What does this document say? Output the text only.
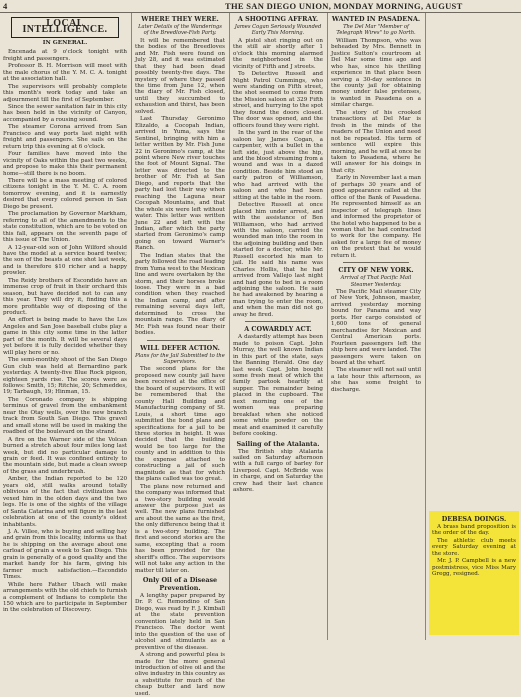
4	THE SAN DIEGO UNION, MONDAY MORNING, AUGUST
LOCAL INTELLIGENCE.
IN GENERAL.

Encenada at 9 o'clock tonight with freight and passengers.

Professor B. H. Morrison will meet with the male chorus of the Y. M. C. A. tonight at the association hall.

The supervisors will probably complete this month's work today and take an adjournment till the first of September.

Since the sewer sanitation fair in this city has been held in the vicinity of Canyon, accompanied by a rousing sound.

The steamer Corona arrived from San Francisco and way ports last night with freight and passengers. She sails on the return trip this evening at 6 o'clock.

Four families have moved into the vicinity of Oaks within the past two weeks, and propose to make this their permanent home—still there is no boom.

There will be a mass meeting of colored citizens tonight in the Y. M. C. A. room tomorrow evening, and it is earnestly desired that every colored person in San Diego be present.

The proclamation by Governor Markham, referring to all of the amendments to the state constitution, which are to be voted on this fall, appears on the seventh page of this issue of The Union.

A 12-year-old son of John Wilford should have the model at a service board twelve; the son of the beasts at one shot last week, and is therefore $10 richer and a happy prowler.

The Reidy brothers of Escondido have an immense crop of fruit in their orchard this season, but have decided not to can any this year. They will dry it, finding this a more profitable way of disposing of the product.

An effort is being made to have the Los Angeles and San Jose baseball clubs play a game in this city some time in the latter part of the month. It will be several days yet before it is fully decided whether they will play here or no.

The semi-monthly shoot of the San Diego Gun club was held at Bernardino park yesterday. A twenty-five Blue Rock pigeon, eighteen yards rise. The scores were as follows: Smith, 15; Ritchie, 20; Schmeddes, 19; Tarbaugh, 19; Hinman, 15.

The Coronado company is shipping terminus of gravel from the embankment near the Otay wells, over the new branch track from South San Diego. This gravel and small stone will be used in making the roadbed of the boulevard on the strand.

A fire on the Warner side of the Volcan burned a stretch about four miles long last week, but did no particular damage to grain or feed. It was confined entirely to the mountain side, but made a clean sweep of the grass and underbrush.

Amber, the Indian reported to be 120 years old, still walks around totally oblivious of the fact that civilization has vexed him in the olden days and the two legs. He is one of the sights of the village of Santa Catarina and will figure in the last celebration at one of the county's oldest inhabitants.

J. A. Villee, who is buying and selling hay and grain from this locality, informs us that he is shipping on the average about one carload of grain a week to San Diego. This grain is generally of a good quality and the market handy for his farm, giving his farmer much satisfaction.—Escondido Times.

While here Father Ubach will make arrangements with the old chiefs to furnish a complement of Indians to complete the 150 which are to participate in September in the celebration of Discovery.

WHERE THEY WERE.
Later Details of the Wanderings of the Breedlove-Fish Party.

It will be remembered that the bodies of the Breedloves and Mr. Fish were found on July 28, and it was estimated that they had been dead possibly twenty-five days. The mystery of where they passed the time from June 12, when the diary of Mr. Fish closed, until they succumbed to exhaustion and thirst, has been solved.

Last Thursday Geronimo Elizaldo, a Cocopah Indian, arrived in Yuma, says the Sentinel, bringing with him a letter written by Mr. Fish June 22 in Geronimo's camp, at the point where New river touches the foot of Mount Signal. The letter was directed to the brother of Mr. Fish at San Diego, and reports that the party had lost their way when reaching the Laguna near Cocopah Mountains, and that the whole six were left without water. This letter was written June 22 and left with the Indian, after which the party started from Geronimo's camp going on toward Warner's Ranch.

The Indian states that the party followed the road leading from Yuma west to the Mexican line and were overtaken by the storm, and their horses broke loose. They were in a bad condition when they reached the Indian camp, and after remaining several days left, determined to cross the mountain range. The diary of Mr. Fish was found near their bodies.

WILL DEFER ACTION.
Plans for the Jail Submitted to the Supervisors.

The second plans for the proposed new county jail have been received at the office of the board of supervisors. It will be remembered that the county Hall Building and Manufacturing company of St. Louis, a short time ago submitted the bond plans and specifications for a jail to be three stories in height. It was decided that the building would be too large for the county and in addition to this the expense attached to constructing a jail of such magnitude as that for which the plans called was too great.

The plans now returned and the company was informed that a two-story building would answer the purpose just as well. The new plans furnished are about the same as the first, the only difference being that it is a two-story building. The first and second stories are the same, excepting that a room has been provided for the sheriff's office. The supervisors will not take any action in the matter till later on.

Only Oil of a Disease Prevention.

A lengthy paper prepared by Dr. P. C. Remondino of San Diego, was read by F. J. Kimball at the state prevention convention lately held in San Francisco. The doctor went into the question of the use of alcohol and stimulants as a preventive of the disease.

A strong and powerful plea is made for the more general introduction of olive oil and the olive industry in this country as a substitute for much of the cheap butter and lard now used.

A SHOOTING AFFRAY.
James Cogan Seriously Wounded Early This Morning.

A pistol shot ringing out on the still air shortly after 1 o'clock this morning alarmed the neighborhood in the vicinity of Fifth and J streets.

To Detective Russell and Night Patrol Cummings, who were standing on Fifth street, the shot seemed to come from the Mission saloon at 329 Fifth street, and hurrying to the spot they found the doors closed. The door was opened, and the officers found they were right.

In the yard in the rear of the saloon lay James Cogan, a carpenter, with a bullet in the left side, just above the hip, and the blood streaming from a wound and was in a dazed condition. Beside him stood an early patron of Williamson, who had arrived with the saloon and who had been sitting at the table in the room.

Detective Russell at once placed him under arrest, and with the assistance of Ben Williamson, who had arrived with the saloon, carried the wounded man into the room in the adjoining building and then started for a doctor, while Mr. Russell escorted his man to jail. He said his name was Charles Hollis, that he had arrived from Vallejo last night and had gone to bed in a room adjoining the saloon. He said he had awakened by hearing a man trying to enter the room, and when the man did not go away he fired.

A COWARDLY ACT.

A dastardly attempt has been made to poison Capt. John Murray, the well known Indian in this part of the state, says the Banning Herald. One day last week Capt. John bought some fresh meat of which the family partook heartily at supper. The remainder being placed in the cupboard. The next morning one of the women was preparing breakfast when she noticed some white powder on the meat and examined it carefully before cooking.

Sailing of the Atalanta.

The British ship Atalanta sailed on Saturday afternoon with a full cargo of barley for Liverpool. Capt. McBride was in charge, and on Saturday the crew had their last chance ashore.

WANTED IN PASADENA.
The Del Mar "Member of Telegraph Wires" to go North.

William Thompson, who was beheaded by Mrs. Bennett in Justice Sutton's courtroom at Del Mar some time ago and who has, since his thrilling experience in that place been serving a 30-day sentence in the county jail for obtaining money under false pretenses, is wanted in Pasadena on a similar charge.

The story of his crooked transactions at Del Mar is fresh in the minds of the readers of The Union and need not be repeated. His term of sentence will expire this morning, and he will at once be taken to Pasadena, where he will answer for his doings in that city.

Early in November last a man of perhaps 30 years and of good appearance called at the office of the Bank of Pasadena. He represented himself as an inspector of telegraph lines and informed the proprietor of the hotel who happened to be a woman that he had contracted to work for the company. He asked for a large fee of money on the pretext that he would return it.

CITY OF NEW YORK.
Arrival of That Pacific Mail Steamer Yesterday.

The Pacific Mail steamer City of New York, Johnson, master, arrived yesterday morning bound for Panama and way ports. Her cargo consisted of 1,600 tons of general merchandise for Mexican and Central American ports. Fourteen passengers left the ship here and were landed. The passengers were taken on board at the wharf.

The steamer will not sail until a late hour this afternoon, as she has some freight to discharge.

DEBESA DOINGS.

A brass band proposition is the order of the day.

The athletic club meets every Saturday evening at the store.

Mr. J. P. Campbell is a new postmistress, vice Miss Mary Gregg, resigned.
